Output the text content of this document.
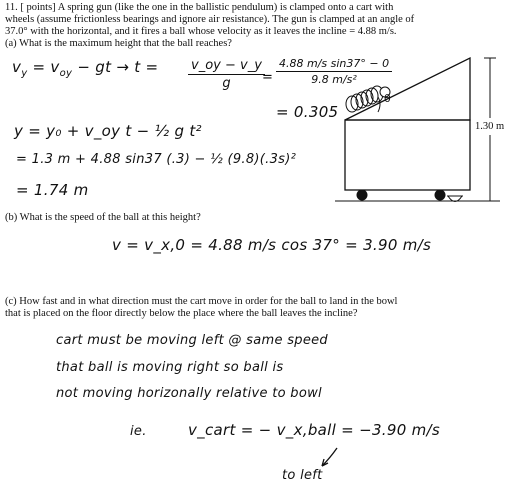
11. [ points] A spring gun (like the one in the ballistic pendulum) is clamped onto a cart with
wheels (assume frictionless bearings and ignore air resistance). The gun is clamped at an angle of
37.0° with the horizontal, and it fires a ball whose velocity as it leaves the incline = 4.88 m/s.
(a) What is the maximum height that the ball reaches?
θ
1.30 m
$v_y = v_{oy}$ − gt → $t = \frac{v\_oy - v\_y}{g}$
= $\frac{\text{4.88 m/s sin37° − 0}}{\text{9.8 m/s²}}$
= 0.305
y = y₀ + v_oy t − ½ g t²
= 1.3 m + 4.88 sin37 (.3) − ½ (9.8)(.3s)²
= 1.74 m
(b) What is the speed of the ball at this height?
v = v_x,0 = 4.88 m/s cos 37° = 3.90 m/s
(c) How fast and in what direction must the cart move in order for the ball to land in the bowl
that is placed on the floor directly below the place where the ball leaves the incline?
cart must be moving left @ same speed
that ball is moving right so ball is
not moving horizonally relative to bowl
ie.	v_cart = − v_x,ball = −3.90 m/s
to left
